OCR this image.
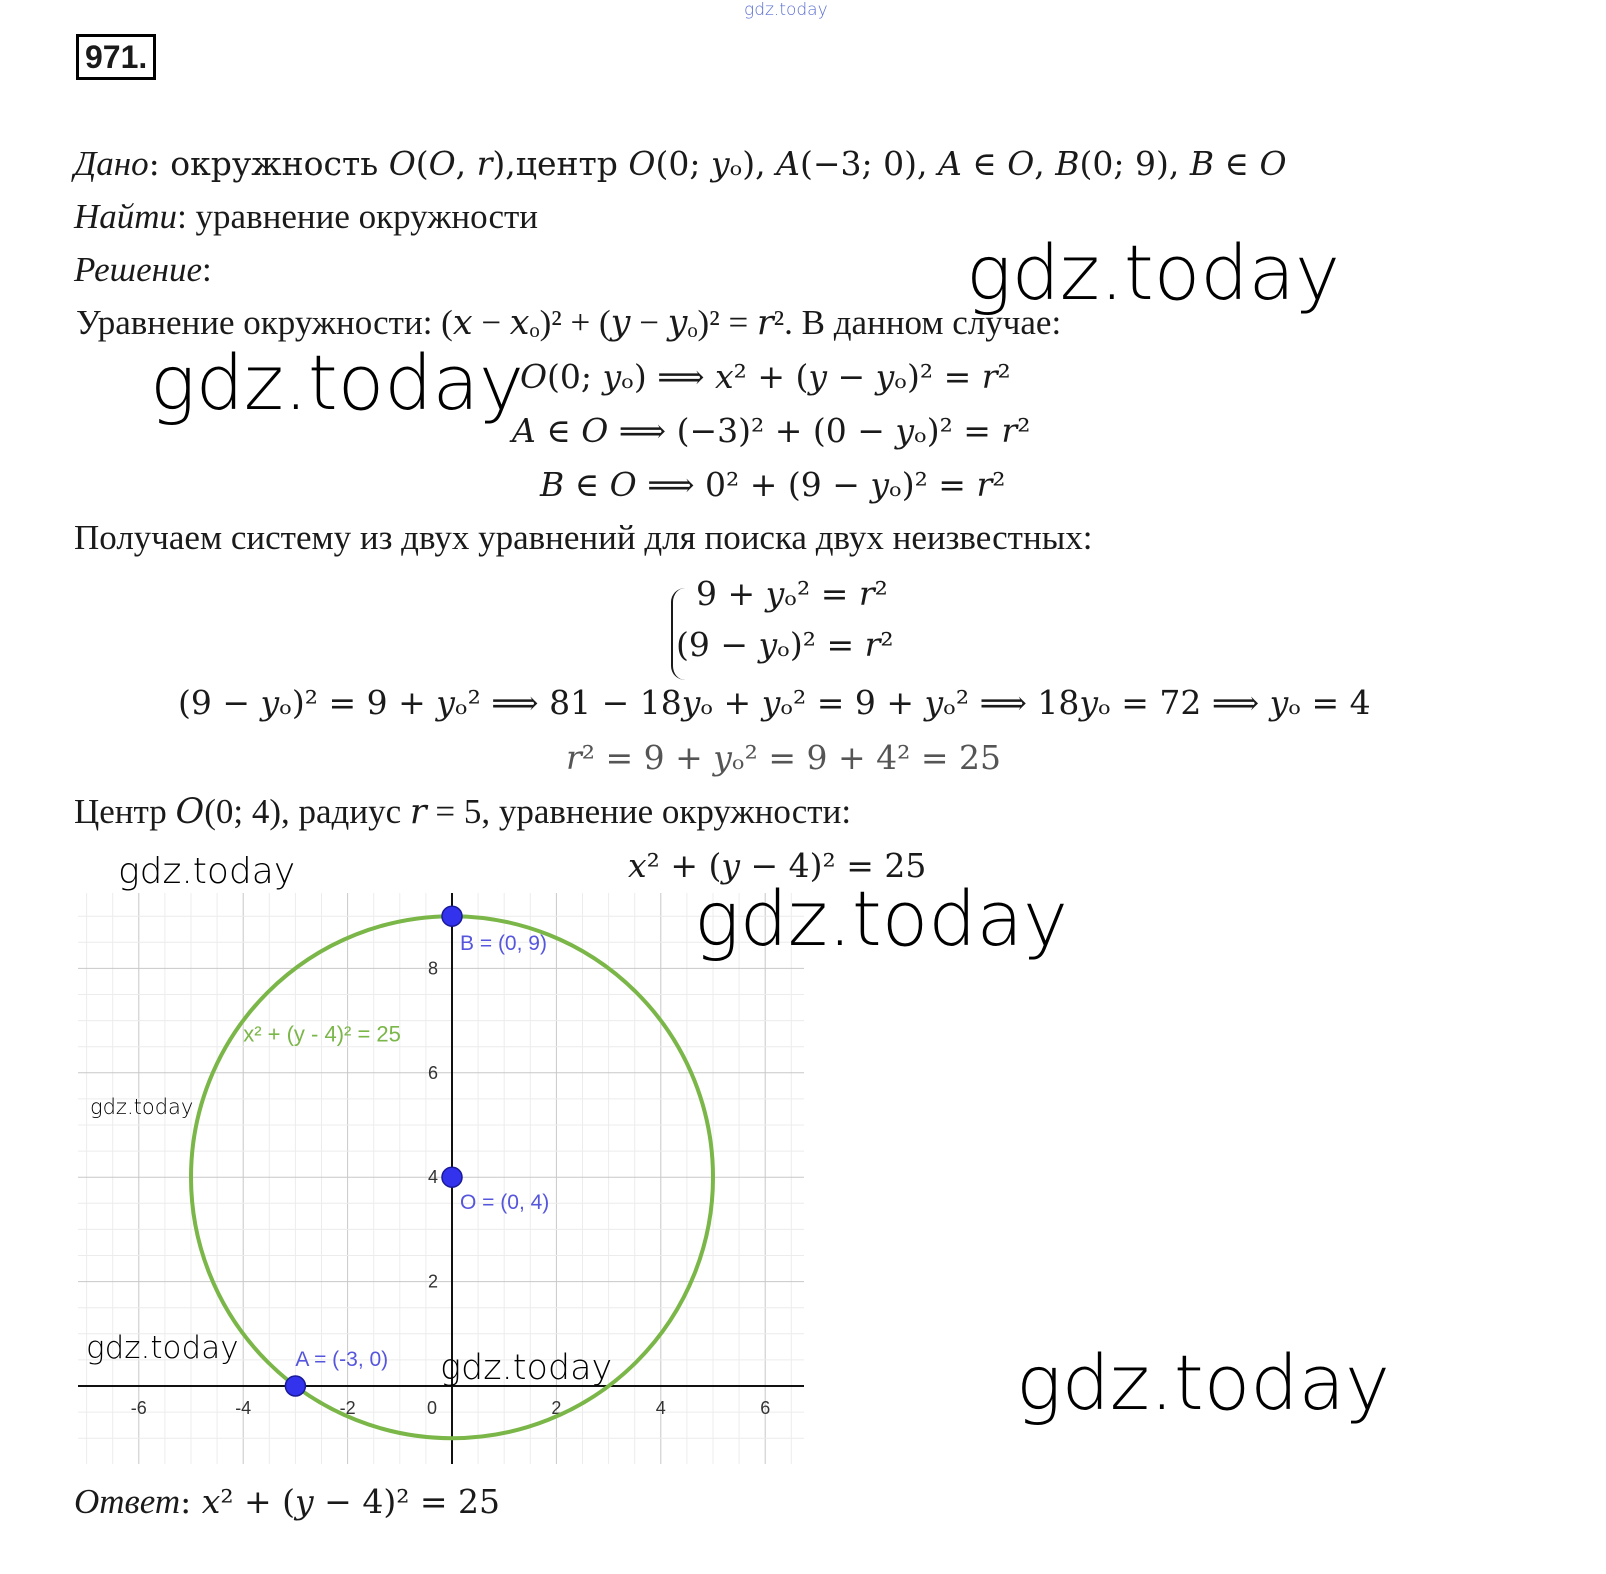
gdz.today
971.
Дано: окружность 𝑂(𝑂, 𝑟),центр 𝑂(0; 𝑦ₒ), 𝐴(−3; 0), 𝐴 ∈ 𝑂, 𝐵(0; 9), 𝐵 ∈ 𝑂
Найти: уравнение окружности
Решение:
Уравнение окружности: (𝑥 − 𝑥ₒ)² + (𝑦 − 𝑦ₒ)² = 𝑟². В данном случае:
𝑂(0; 𝑦ₒ) ⟹ 𝑥² + (𝑦 − 𝑦ₒ)² = 𝑟²
𝐴 ∈ 𝑂 ⟹ (−3)² + (0 − 𝑦ₒ)² = 𝑟²
𝐵 ∈ 𝑂 ⟹ 0² + (9 − 𝑦ₒ)² = 𝑟²
Получаем систему из двух уравнений для поиска двух неизвестных:
9 + 𝑦ₒ² = 𝑟²
(9 − 𝑦ₒ)² = 𝑟²
(9 − 𝑦ₒ)² = 9 + 𝑦ₒ² ⟹ 81 − 18𝑦ₒ + 𝑦ₒ² = 9 + 𝑦ₒ² ⟹ 18𝑦ₒ = 72 ⟹ 𝑦ₒ = 4
𝑟² = 9 + 𝑦ₒ² = 9 + 4² = 25
Центр 𝑂(0; 4), радиус 𝑟 = 5, уравнение окружности:
𝑥² + (𝑦 − 4)² = 25
-6	-4	-2	0	2	4	6
2
4
6
8
x² + (y - 4)² = 25
B = (0, 9)
O = (0, 4)
A = (-3, 0)
Ответ: 𝑥² + (𝑦 − 4)² = 25
gdz.today
gdz.today
gdz.today
gdz.today
gdz.today
gdz.today	gdz.today	gdz.today
